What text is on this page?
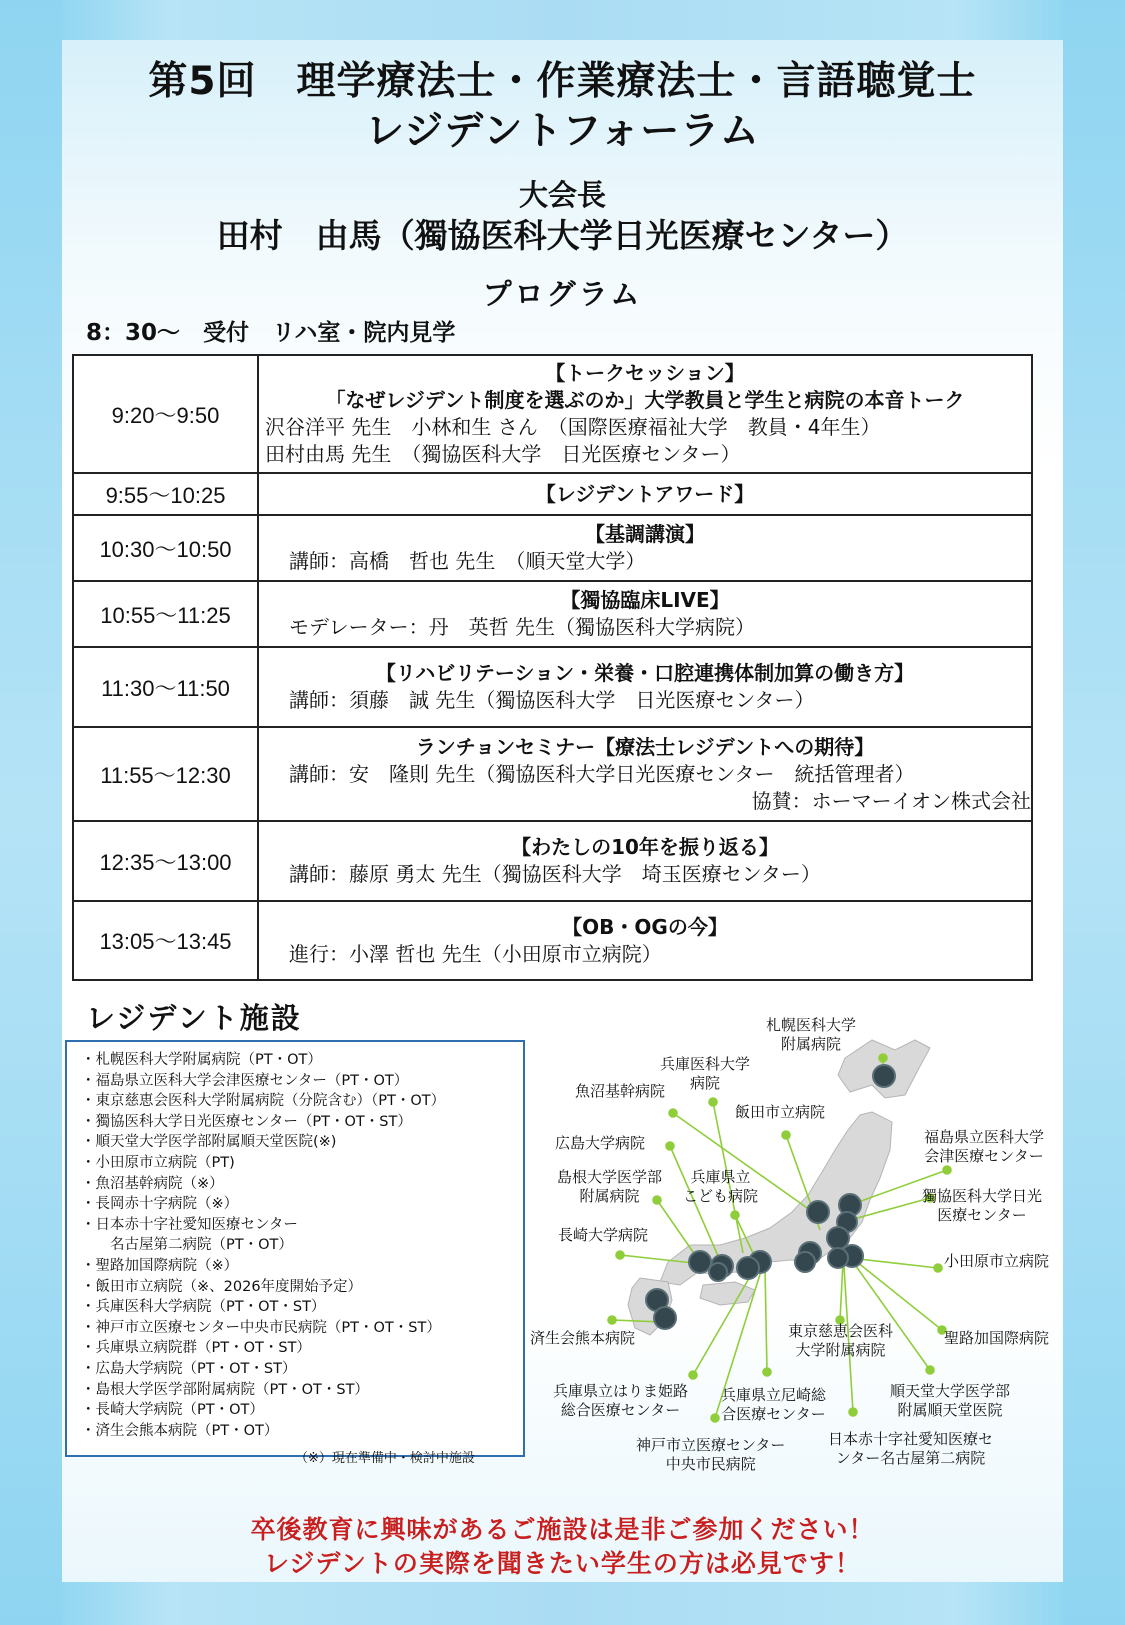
第5回　理学療法士・作業療法士・言語聴覚士
レジデントフォーラム
大会長
田村　由馬（獨協医科大学日光医療センター）
プログラム
8：30～　受付　リハ室・院内見学
9:20～9:50	【トークセッション】
「なぜレジデント制度を選ぶのか」大学教員と学生と病院の本音トーク
沢谷洋平 先生　小林和生 さん　（国際医療福祉大学　教員・4年生）
田村由馬 先生　（獨協医科大学　日光医療センター）

9:55～10:25	【レジデントアワード】

10:30～10:50	【基調講演】
講師：高橋　哲也 先生　（順天堂大学）

10:55～11:25	【獨協臨床LIVE】
モデレーター：丹　英哲 先生（獨協医科大学病院）

11:30～11:50	【リハビリテーション・栄養・口腔連携体制加算の働き方】
講師：須藤　誠 先生（獨協医科大学　日光医療センター）

11:55～12:30	ランチョンセミナー【療法士レジデントへの期待】
講師：安　隆則 先生（獨協医科大学日光医療センター　統括管理者）
協賛：ホーマーイオン株式会社

12:35～13:00	【わたしの10年を振り返る】
講師：藤原 勇太 先生（獨協医科大学　埼玉医療センター）

13:05～13:45	【OB・OGの今】
進行：小澤 哲也 先生（小田原市立病院）
レジデント施設
・札幌医科大学附属病院（PT・OT）
・福島県立医科大学会津医療センター（PT・OT）
・東京慈恵会医科大学附属病院（分院含む）（PT・OT）
・獨協医科大学日光医療センター（PT・OT・ST）
・順天堂大学医学部附属順天堂医院(※)
・小田原市立病院（PT)
・魚沼基幹病院（※）
・長岡赤十字病院（※）
・日本赤十字社愛知医療センター
　　名古屋第二病院（PT・OT）
・聖路加国際病院（※）
・飯田市立病院（※、2026年度開始予定）
・兵庫医科大学病院（PT・OT・ST）
・神戸市立医療センター中央市民病院（PT・OT・ST）
・兵庫県立病院群（PT・OT・ST）
・広島大学病院（PT・OT・ST）
・島根大学医学部附属病院（PT・OT・ST）
・長崎大学病院（PT・OT）
・済生会熊本病院（PT・OT）
（※）現在準備中・検討中施設
札幌医科大学
附属病院
兵庫医科大学
病院
魚沼基幹病院
飯田市立病院
福島県立医科大学
会津医療センター
広島大学病院
島根大学医学部
附属病院
兵庫県立
こども病院	獨協医科大学日光
医療センター
長崎大学病院
小田原市立病院
済生会熊本病院	東京慈恵会医科
大学附属病院
聖路加国際病院
兵庫県立はりま姫路
総合医療センター
兵庫県立尼崎総
合医療センター
順天堂大学医学部
附属順天堂医院
神戸市立医療センター
中央市民病院
日本赤十字社愛知医療セ
ンター名古屋第二病院
卒後教育に興味があるご施設は是非ご参加ください！
レジデントの実際を聞きたい学生の方は必見です！
